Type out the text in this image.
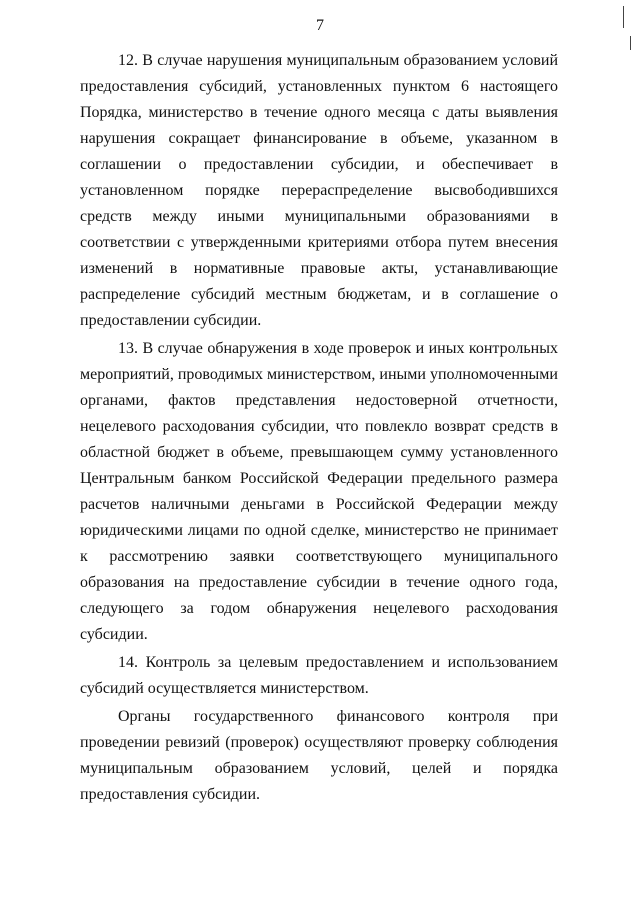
7

12. В случае нарушения муниципальным образованием условий предоставления субсидий, установленных пунктом 6 настоящего Порядка, министерство в течение одного месяца с даты выявления нарушения сокращает финансирование в объеме, указанном в соглашении о предоставлении субсидии, и обеспечивает в установленном порядке перераспределение высвободившихся средств между иными муниципальными образованиями в соответствии с утвержденными критериями отбора путем внесения изменений в нормативные правовые акты, устанавливающие распределение субсидий местным бюджетам, и в соглашение о предоставлении субсидии.

13. В случае обнаружения в ходе проверок и иных контрольных мероприятий, проводимых министерством, иными уполномоченными органами, фактов представления недостоверной отчетности, нецелевого расходования субсидии, что повлекло возврат средств в областной бюджет в объеме, превышающем сумму установленного Центральным банком Российской Федерации предельного размера расчетов наличными деньгами в Российской Федерации между юридическими лицами по одной сделке, министерство не принимает к рассмотрению заявки соответствующего муниципального образования на предоставление субсидии в течение одного года, следующего за годом обнаружения нецелевого расходования субсидии.

14. Контроль за целевым предоставлением и использованием субсидий осуществляется министерством.

Органы государственного финансового контроля при проведении ревизий (проверок) осуществляют проверку соблюдения муниципальным образованием условий, целей и порядка предоставления субсидии.
